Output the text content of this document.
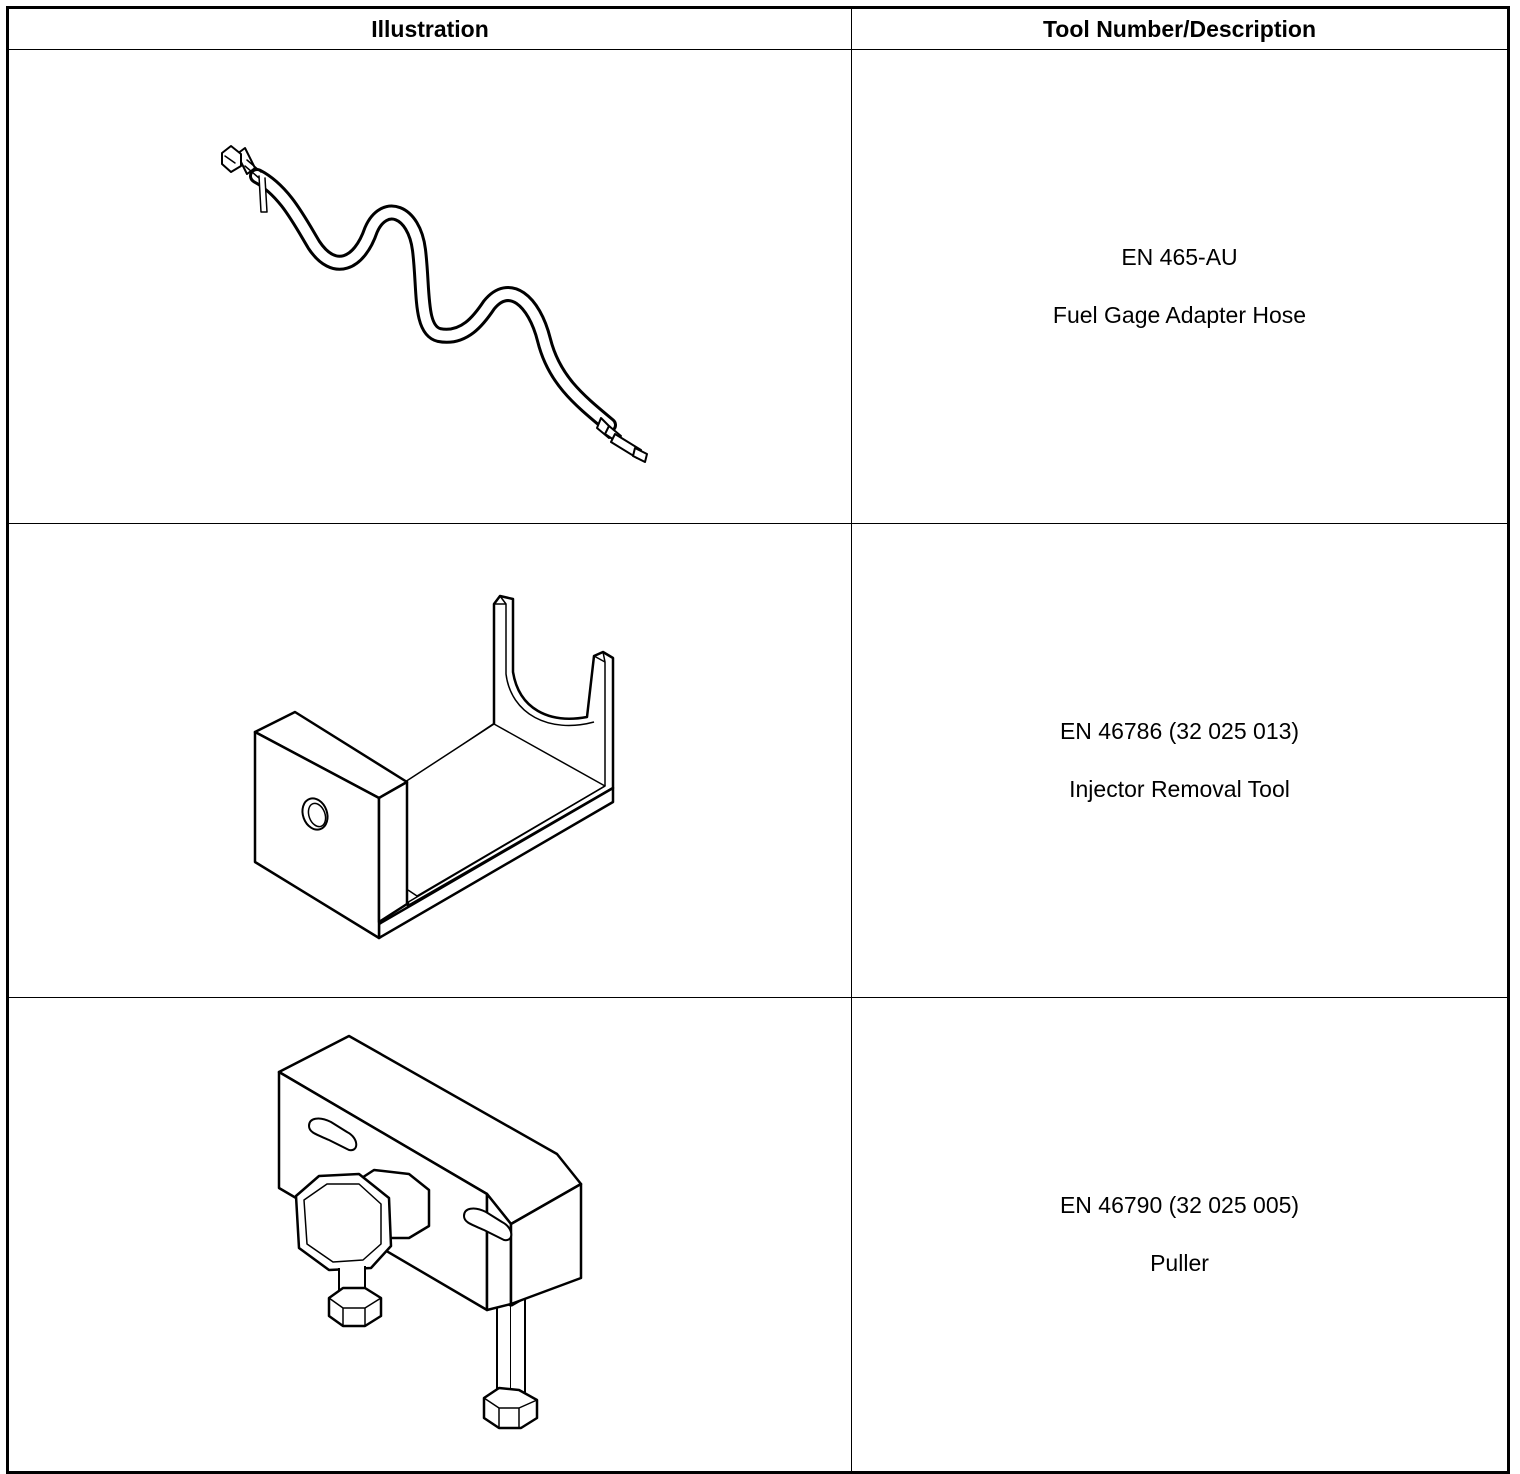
Illustration	Tool Number/Description

EN 465-AU
Fuel Gage Adapter Hose

EN 46786 (32 025 013)
Injector Removal Tool

EN 46790 (32 025 005)
Puller
